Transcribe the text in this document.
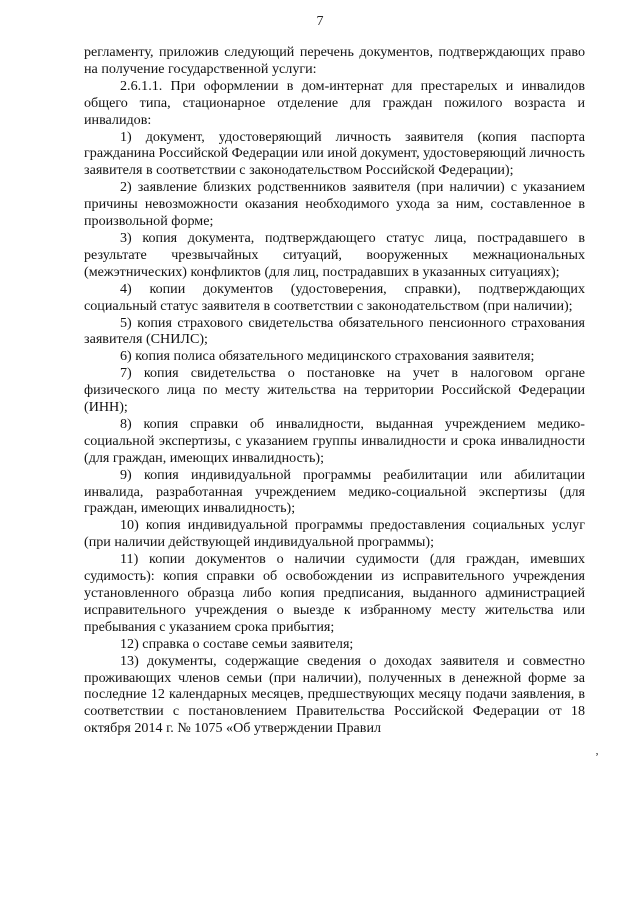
7

регламенту, приложив следующий перечень документов, подтверждающих право на получение государственной услуги:

2.6.1.1. При оформлении в дом-интернат для престарелых и инвалидов общего типа, стационарное отделение для граждан пожилого возраста и инвалидов:

1) документ, удостоверяющий личность заявителя (копия паспорта гражданина Российской Федерации или иной документ, удостоверяющий личность заявителя в соответствии с законодательством Российской Федерации);

2) заявление близких родственников заявителя (при наличии) с указанием причины невозможности оказания необходимого ухода за ним, составленное в произвольной форме;

3) копия документа, подтверждающего статус лица, пострадавшего в результате чрезвычайных ситуаций, вооруженных межнациональных (межэтнических) конфликтов (для лиц, пострадавших в указанных ситуациях);

4) копии документов (удостоверения, справки), подтверждающих социальный статус заявителя в соответствии с законодательством (при наличии);

5) копия страхового свидетельства обязательного пенсионного страхования заявителя (СНИЛС);

6) копия полиса обязательного медицинского страхования заявителя;

7) копия свидетельства о постановке на учет в налоговом органе физического лица по месту жительства на территории Российской Федерации (ИНН);

8) копия справки об инвалидности, выданная учреждением медико-социальной экспертизы, с указанием группы инвалидности и срока инвалидности (для граждан, имеющих инвалидность);

9) копия индивидуальной программы реабилитации или абилитации инвалида, разработанная учреждением медико-социальной экспертизы (для граждан, имеющих инвалидность);

10) копия индивидуальной программы предоставления социальных услуг (при наличии действующей индивидуальной программы);

11) копии документов о наличии судимости (для граждан, имевших судимость): копия справки об освобождении из исправительного учреждения установленного образца либо копия предписания, выданного администрацией исправительного учреждения о выезде к избранному месту жительства или пребывания с указанием срока прибытия;

12) справка о составе семьи заявителя;

13) документы, содержащие сведения о доходах заявителя и совместно проживающих членов семьи (при наличии), полученных в денежной форме за последние 12 календарных месяцев, предшествующих месяцу подачи заявления, в соответствии с постановлением Правительства Российской Федерации от 18 октября 2014 г. № 1075 «Об утверждении Правил

‚
